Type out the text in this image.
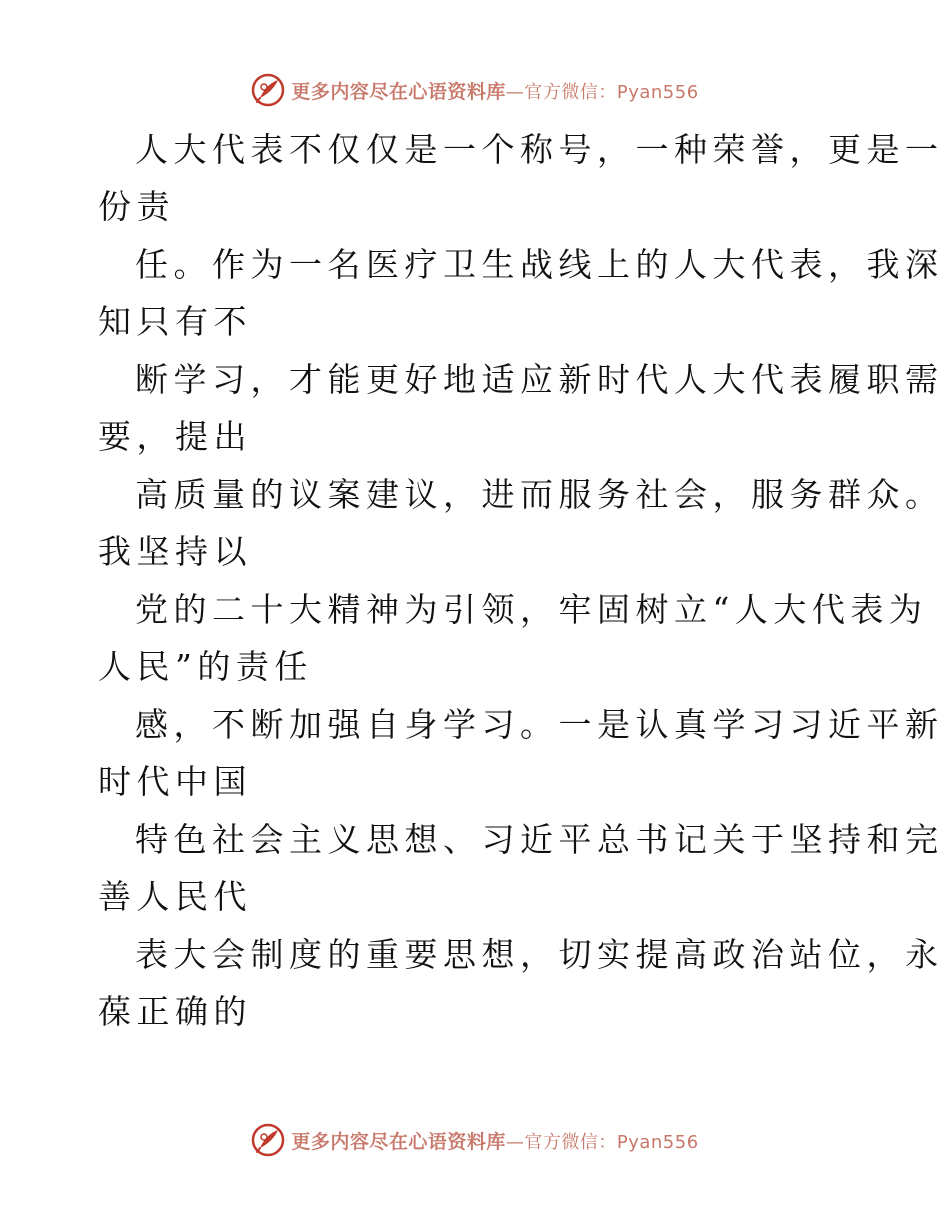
更多内容尽在心语资料库 —官方微信：Pyan556
人大代表不仅仅是一个称号，一种荣誉，更是一
份责
任。作为一名医疗卫生战线上的人大代表，我深
知只有不
断学习，才能更好地适应新时代人大代表履职需
要，提出
高质量的议案建议，进而服务社会，服务群众。
我坚持以
党的二十大精神为引领，牢固树立“人大代表为
人民”的责任
感，不断加强自身学习。一是认真学习习近平新
时代中国
特色社会主义思想、习近平总书记关于坚持和完
善人民代
表大会制度的重要思想，切实提高政治站位，永
葆正确的
更多内容尽在心语资料库 —官方微信：Pyan556
